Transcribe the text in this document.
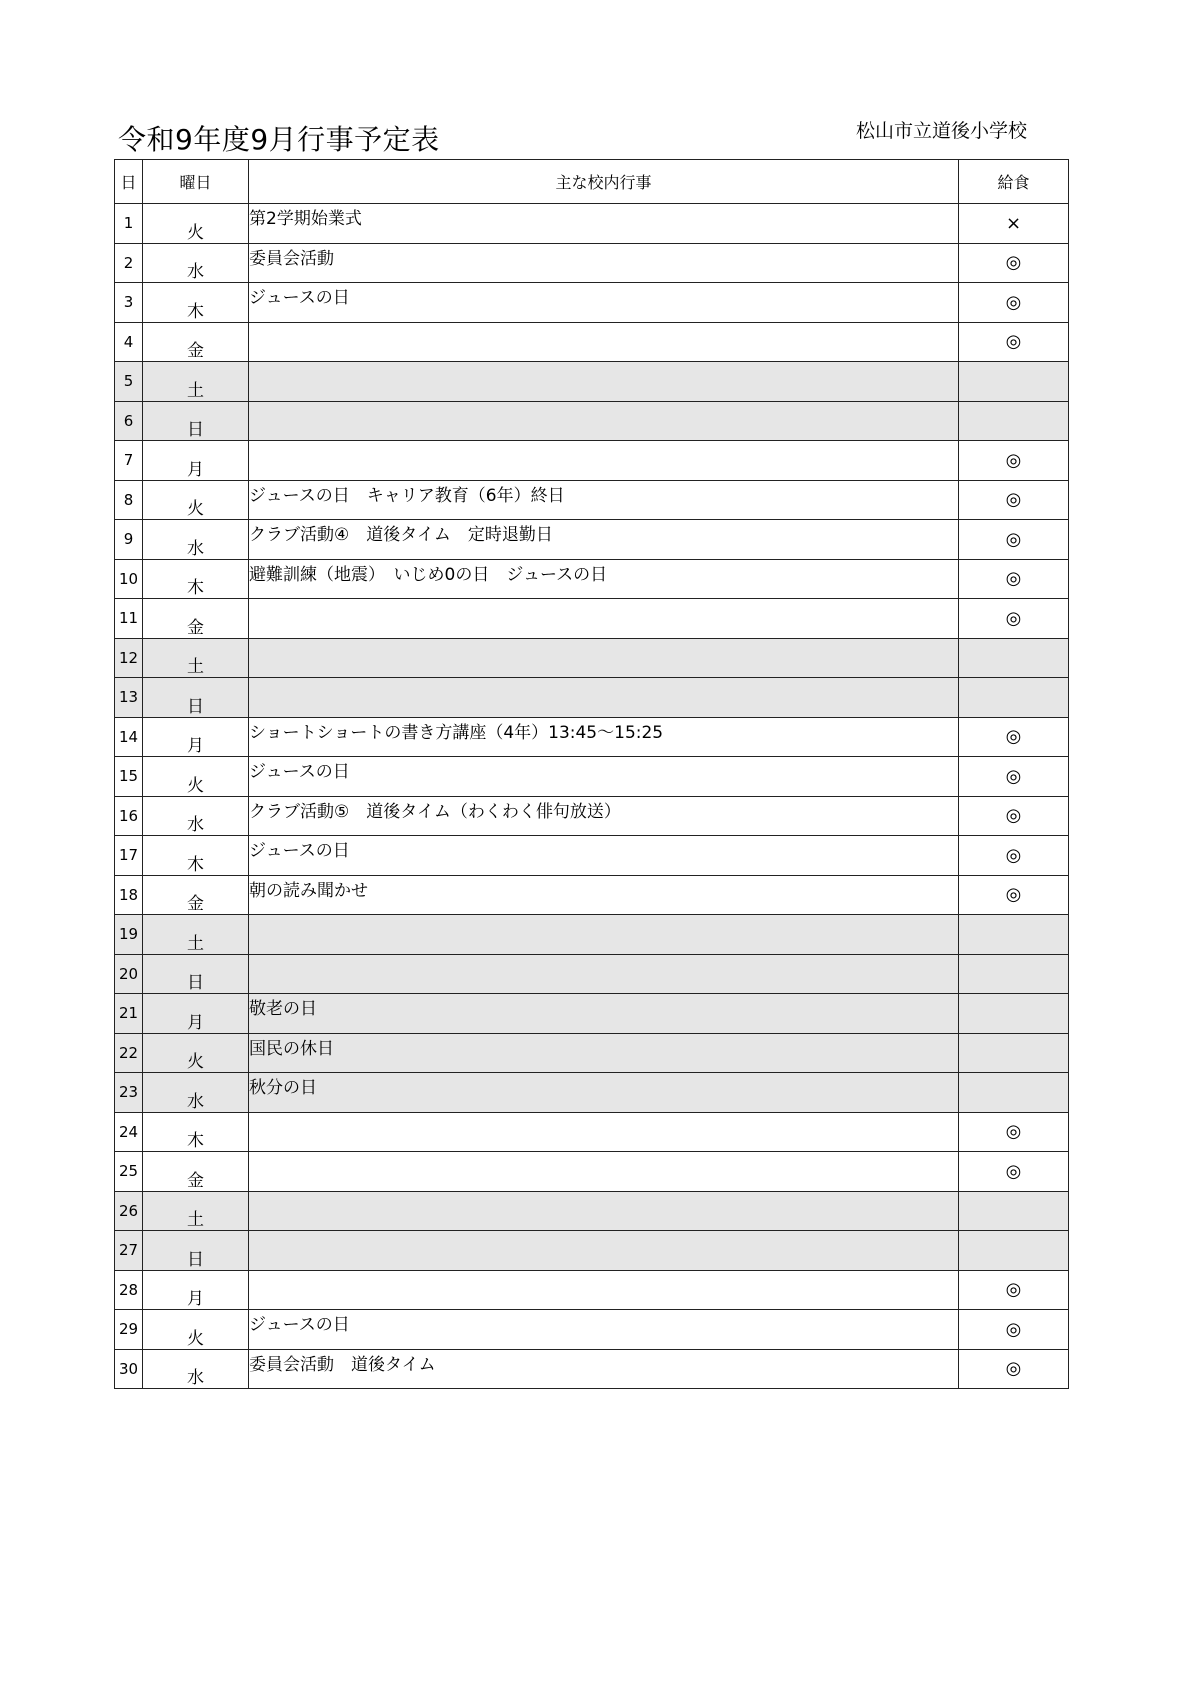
令和9年度9月行事予定表	松山市立道後小学校
日	曜日	主な校内行事	給食
1	火	第2学期始業式	×
2	水	委員会活動	◎
3	木	ジュースの日	◎
4	金		◎
5	土		
6	日		
7	月		◎
8	火	ジュースの日　キャリア教育（6年）終日	◎
9	水	クラブ活動④　道後タイム　定時退勤日	◎
10	木	避難訓練（地震）　いじめ0の日　ジュースの日	◎
11	金		◎
12	土		
13	日		
14	月	ショートショートの書き方講座（4年）13:45～15:25	◎
15	火	ジュースの日	◎
16	水	クラブ活動⑤　道後タイム（わくわく俳句放送）	◎
17	木	ジュースの日	◎
18	金	朝の読み聞かせ	◎
19	土		
20	日		
21	月	敬老の日	
22	火	国民の休日	
23	水	秋分の日	
24	木		◎
25	金		◎
26	土		
27	日		
28	月		◎
29	火	ジュースの日	◎
30	水	委員会活動　道後タイム	◎
